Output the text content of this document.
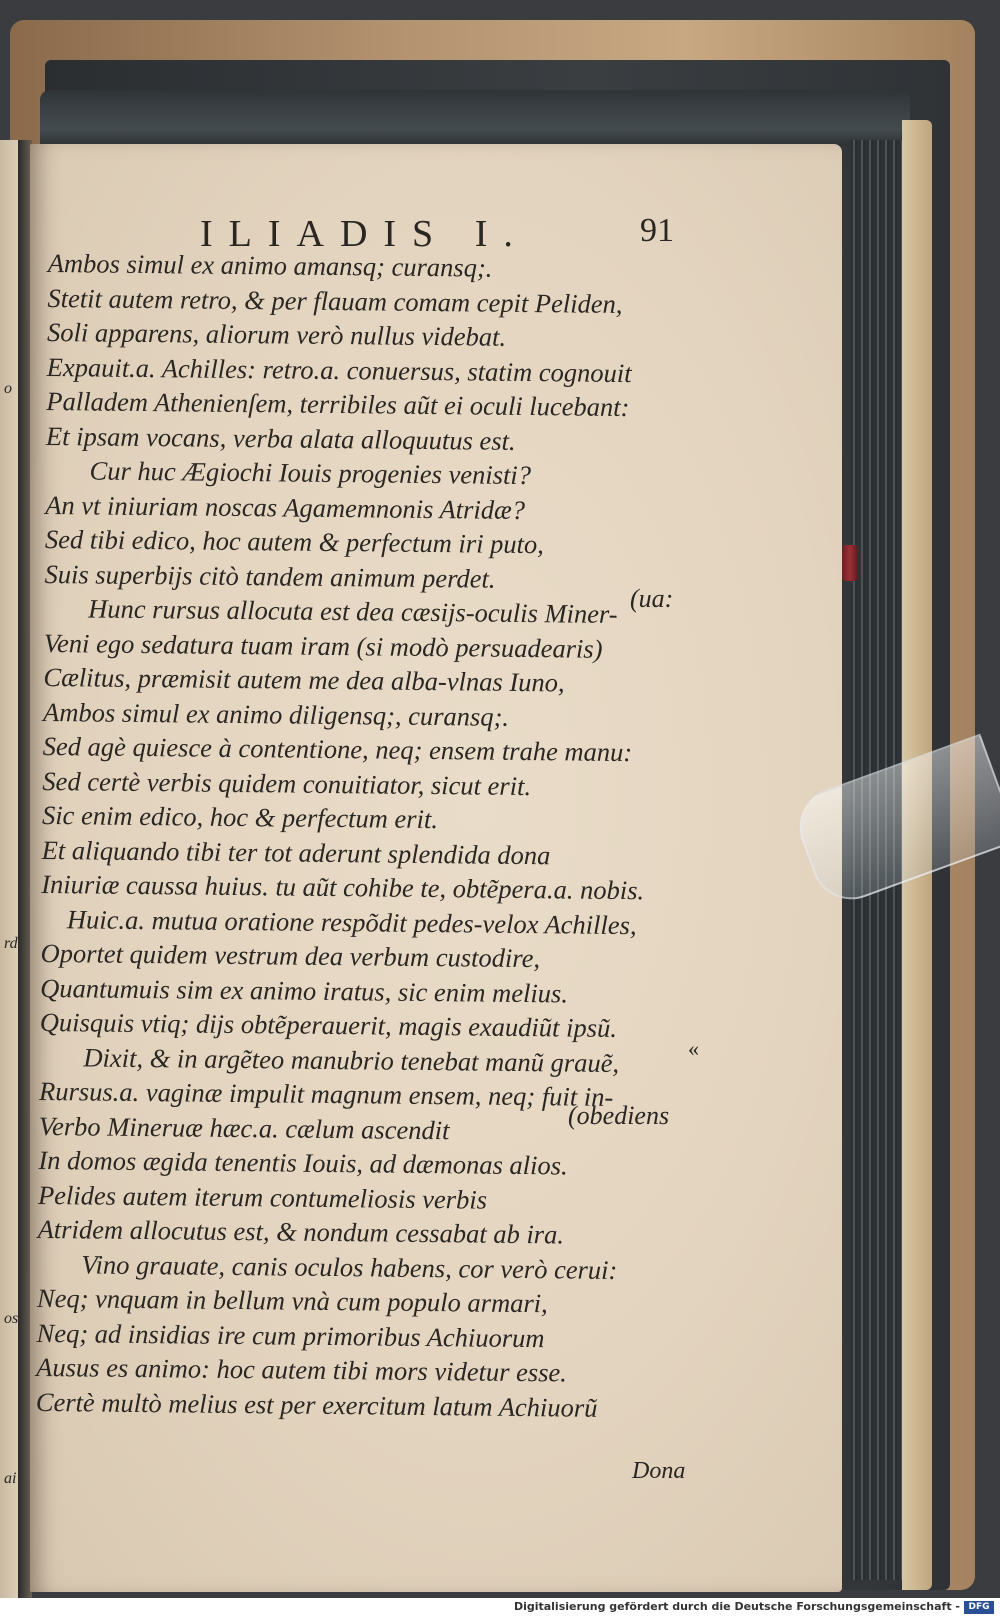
ILIADIS I.	91
Ambos simul ex animo amansq; curansq;.
Stetit autem retro, & per flauam comam cepit Peliden,
Soli apparens, aliorum verò nullus videbat.
Expauit.a. Achilles: retro.a. conuersus, statim cognouit
Palladem Athenienſem, terribiles aũt ei oculi lucebant:
Et ipsam vocans, verba alata alloquutus est.
Cur huc Ægiochi Iouis progenies venisti?
An vt iniuriam noscas Agamemnonis Atridæ?
Sed tibi edico, hoc autem & perfectum iri puto,
Suis superbijs citò tandem animum perdet.
Hunc rursus allocuta est dea cæsijs-oculis Miner-
Veni ego sedatura tuam iram (si modò persuadearis)
Cælitus, præmisit autem me dea alba-vlnas Iuno,
Ambos simul ex animo diligensq;, curansq;.
Sed agè quiesce à contentione, neq; ensem trahe manu:
Sed certè verbis quidem conuitiator, sicut erit.
Sic enim edico, hoc & perfectum erit.
Et aliquando tibi ter tot aderunt splendida dona
Iniuriæ caussa huius. tu aũt cohibe te, obtẽpera.a. nobis.
Huic.a. mutua oratione respõdit pedes-velox Achilles,
Oportet quidem vestrum dea verbum custodire,
Quantumuis sim ex animo iratus, sic enim melius.
Quisquis vtiq; dijs obtẽperauerit, magis exaudiũt ipsũ.
Dixit, & in argẽteo manubrio tenebat manũ grauẽ,
Rursus.a. vaginæ impulit magnum ensem, neq; fuit in-
Verbo Mineruæ hæc.a. cælum ascendit
In domos ægida tenentis Iouis, ad dæmonas alios.
Pelides autem iterum contumeliosis verbis
Atridem allocutus est, & nondum cessabat ab ira.
Vino grauate, canis oculos habens, cor verò cerui:
Neq; vnquam in bellum vnà cum populo armari,
Neq; ad insidias ire cum primoribus Achiuorum
Ausus es animo: hoc autem tibi mors videtur esse.
Certè multò melius est per exercitum latum Achiuorũ
(ua:
(obediens
«
o
rd
os
ai	Dona
Digitalisierung gefördert durch die Deutsche Forschungsgemeinschaft - DFG
